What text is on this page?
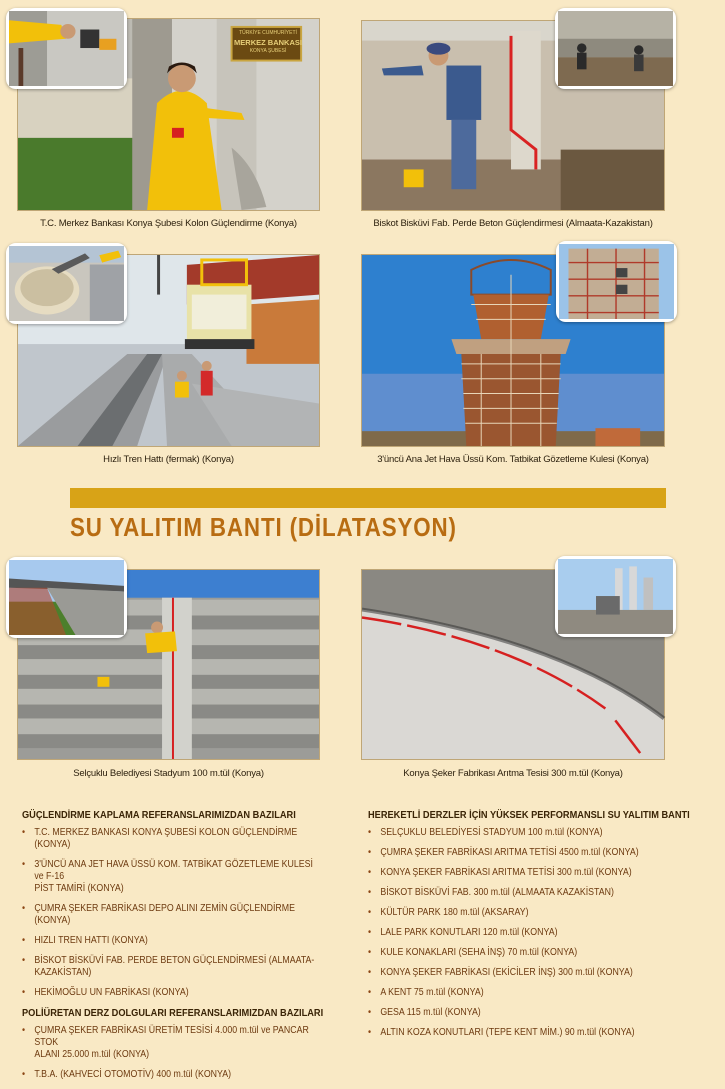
TÜRKİYE CUMHURİYETİ
MERKEZ BANKASI
KONYA ŞUBESİ
T.C. Merkez Bankası Konya Şubesi Kolon Güçlendirme (Konya)	Biskot Bisküvi Fab. Perde Beton Güçlendirmesi (Almaata-Kazakistan)
Hızlı Tren Hattı (fermak) (Konya)	3'üncü Ana Jet Hava Üssü Kom. Tatbikat Gözetleme Kulesi (Konya)
SU YALITIM BANTI (DİLATASYON)
Selçuklu Belediyesi Stadyum 100 m.tül (Konya)	Konya Şeker Fabrikası Arıtma Tesisi 300 m.tül (Konya)
GÜÇLENDİRME KAPLAMA REFERANSLARIMIZDAN BAZILARI
• T.C. MERKEZ BANKASI KONYA ŞUBESİ KOLON GÜÇLENDİRME (KONYA)
• 3'ÜNCÜ ANA JET HAVA ÜSSÜ KOM. TATBİKAT GÖZETLEME KULESİ ve F-16
PİST TAMİRİ (KONYA)
• ÇUMRA ŞEKER FABRİKASI DEPO ALINI ZEMİN GÜÇLENDİRME (KONYA)
• HIZLI TREN HATTI (KONYA)
• BİSKOT BİSKÜVİ FAB. PERDE BETON GÜÇLENDİRMESİ (ALMAATA-KAZAKİSTAN)
• HEKİMOĞLU UN FABRİKASI (KONYA)
POLİÜRETAN DERZ DOLGULARI REFERANSLARIMIZDAN BAZILARI
• ÇUMRA ŞEKER FABRİKASI ÜRETİM TESİSİ 4.000 m.tül ve PANCAR STOK
ALANI 25.000 m.tül (KONYA)
• T.B.A. (KAHVECİ OTOMOTİV) 400 m.tül (KONYA)
HEREKETLİ DERZLER İÇİN YÜKSEK PERFORMANSLI SU YALITIM BANTI
• SELÇUKLU BELEDİYESİ STADYUM 100 m.tül (KONYA)
• ÇUMRA ŞEKER FABRİKASI ARITMA TETİSİ 4500 m.tül (KONYA)
• KONYA ŞEKER FABRİKASI ARITMA TETİSİ 300 m.tül (KONYA)
• BİSKOT BİSKÜVİ FAB. 300 m.tül (ALMAATA KAZAKİSTAN)
• KÜLTÜR PARK 180 m.tül (AKSARAY)
• LALE PARK KONUTLARI 120 m.tül (KONYA)
• KULE KONAKLARI (SEHA İNŞ) 70 m.tül (KONYA)
• KONYA ŞEKER FABRİKASI (EKİCİLER İNŞ) 300 m.tül (KONYA)
• A KENT 75 m.tül (KONYA)
• GESA 115 m.tül (KONYA)
• ALTIN KOZA KONUTLARI (TEPE KENT MİM.) 90 m.tül (KONYA)
